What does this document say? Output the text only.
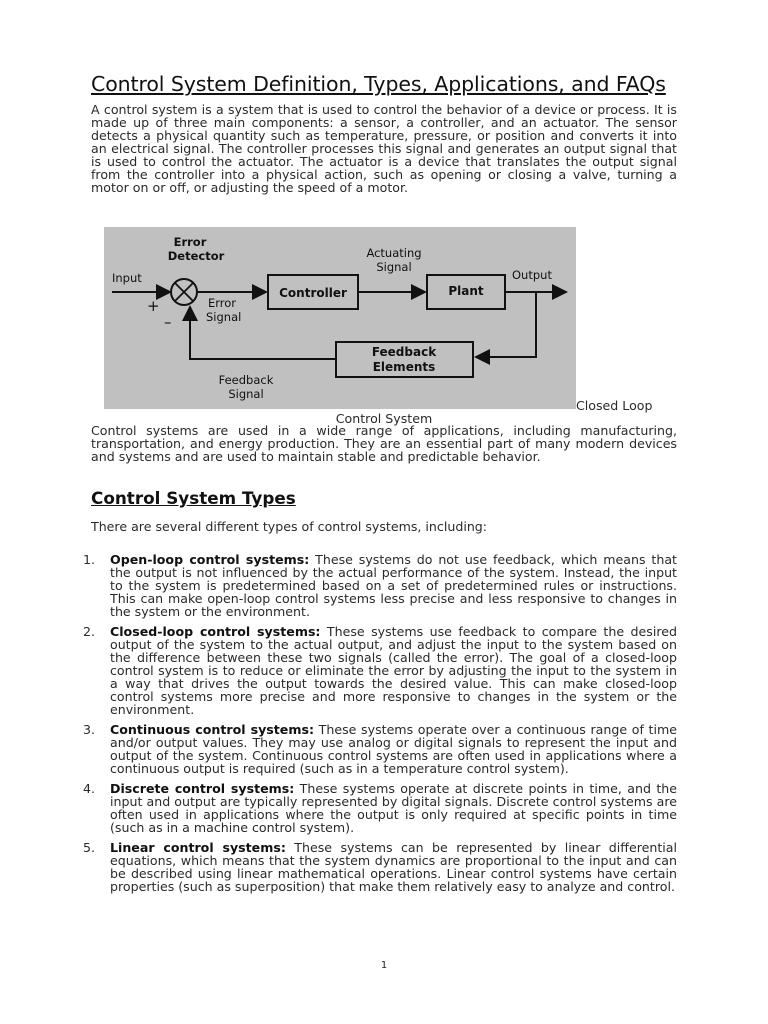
Control System Definition, Types, Applications, and FAQs

A control system is a system that is used to control the behavior of a device or process. It is made up of three main components: a sensor, a controller, and an actuator. The sensor detects a physical quantity such as temperature, pressure, or position and converts it into an electrical signal. The controller processes this signal and generates an output signal that is used to control the actuator. The actuator is a device that translates the output signal from the controller into a physical action, such as opening or closing a valve, turning a motor on or off, or adjusting the speed of a motor.

Error
Detector
Input
+
–
Error
Signal
Controller
Actuating
Signal
Plant
Output
Feedback
Elements
Feedback
Signal
Closed Loop
Control System

Control systems are used in a wide range of applications, including manufacturing, transportation, and energy production. They are an essential part of many modern devices and systems and are used to maintain stable and predictable behavior.

Control System Types

There are several different types of control systems, including:

1. Open-loop control systems: These systems do not use feedback, which means that the output is not influenced by the actual performance of the system. Instead, the input to the system is predetermined based on a set of predetermined rules or instructions. This can make open-loop control systems less precise and less responsive to changes in the system or the environment.

2. Closed-loop control systems: These systems use feedback to compare the desired output of the system to the actual output, and adjust the input to the system based on the difference between these two signals (called the error). The goal of a closed-loop control system is to reduce or eliminate the error by adjusting the input to the system in a way that drives the output towards the desired value. This can make closed-loop control systems more precise and more responsive to changes in the system or the environment.

3. Continuous control systems: These systems operate over a continuous range of time and/or output values. They may use analog or digital signals to represent the input and output of the system. Continuous control systems are often used in applications where a continuous output is required (such as in a temperature control system).

4. Discrete control systems: These systems operate at discrete points in time, and the input and output are typically represented by digital signals. Discrete control systems are often used in applications where the output is only required at specific points in time (such as in a machine control system).

5. Linear control systems: These systems can be represented by linear differential equations, which means that the system dynamics are proportional to the input and can be described using linear mathematical operations. Linear control systems have certain properties (such as superposition) that make them relatively easy to analyze and control.

1
